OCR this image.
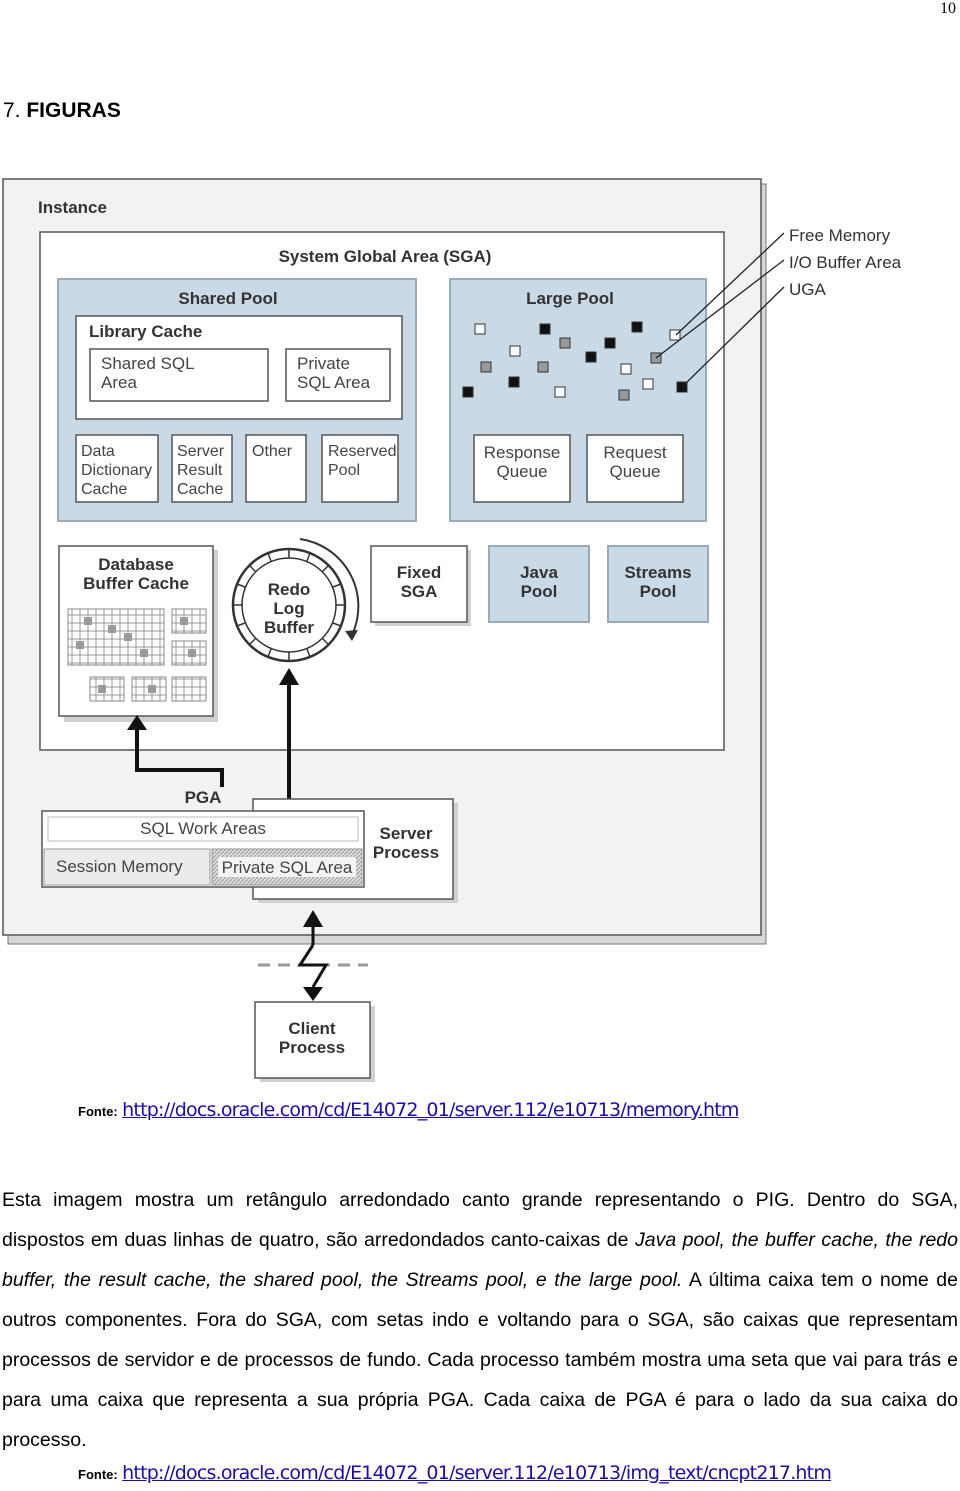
10
7. FIGURAS
Instance
System Global Area (SGA)
Shared Pool
Library Cache
Shared SQL
Area
Private
SQL Area
Data
Dictionary
Cache
Server
Result
Cache
Other Reserved
Pool
Large Pool
Response
Queue
Request
Queue
Free Memory
I/O Buffer Area
UGA
Database
Buffer Cache	Redo
Log
Buffer
Fixed
SGA
Java
Pool
Streams
Pool
PGA
Server
Process
SQL Work Areas
Session Memory Private SQL Area
Client
Process
Fonte: http://docs.oracle.com/cd/E14072_01/server.112/e10713/memory.htm
Esta imagem mostra um retângulo arredondado canto grande representando o PIG. Dentro do SGA, dispostos em duas linhas de quatro, são arredondados canto-caixas de Java pool, the buffer cache, the redo buffer, the result cache, the shared pool, the Streams pool, e the large pool. A última caixa tem o nome de outros componentes. Fora do SGA, com setas indo e voltando para o SGA, são caixas que representam processos de servidor e de processos de fundo. Cada processo também mostra uma seta que vai para trás e para uma caixa que representa a sua própria PGA. Cada caixa de PGA é para o lado da sua caixa do processo.
Fonte: http://docs.oracle.com/cd/E14072_01/server.112/e10713/img_text/cncpt217.htm
